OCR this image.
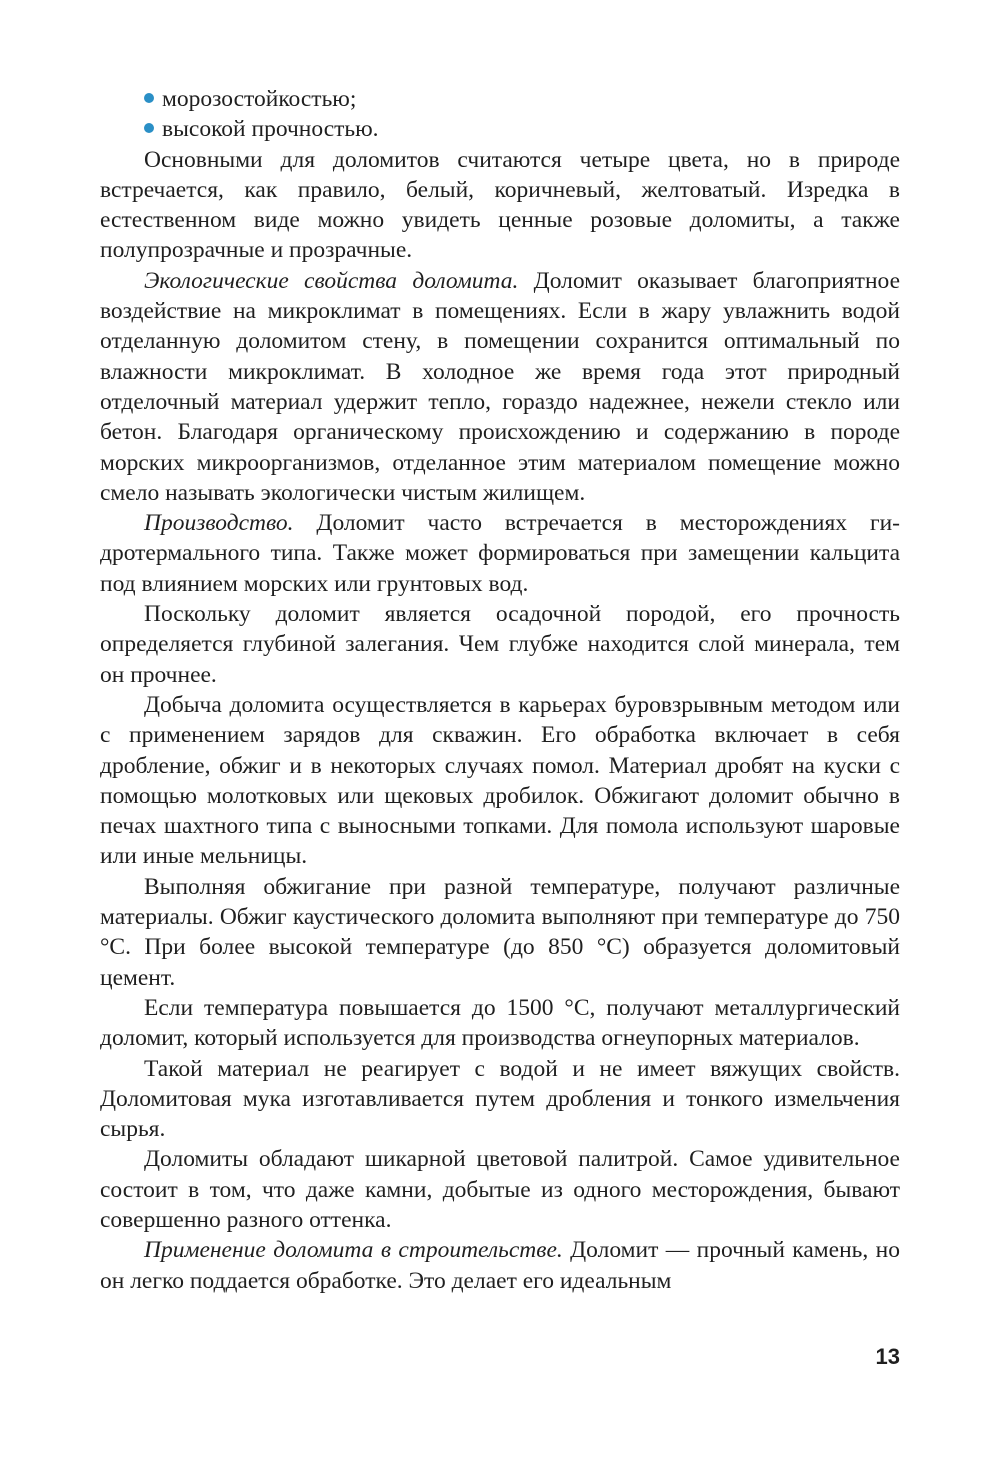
морозостойкостью;
высокой прочностью.

Основными для доломитов считаются четыре цвета, но в природе встречается, как правило, белый, коричневый, желтоватый. Изредка в естественном виде можно увидеть ценные розовые доломиты, а также полупрозрачные и прозрачные.

Экологические свойства доломита. Доломит оказывает благоприятное воздействие на микроклимат в помещениях. Если в жару увлажнить водой отделанную доломитом стену, в помещении сохранится оптимальный по влажности микроклимат. В холодное же время года этот природный отделочный материал удержит тепло, гораздо надежнее, нежели стекло или бетон. Благодаря органическому происхождению и содержанию в породе морских микроорганизмов, отделанное этим материалом помещение можно смело называть экологически чистым жилищем.

Производство. Доломит часто встречается в месторождениях гидротермального типа. Также может формироваться при замещении кальцита под влиянием морских или грунтовых вод.

Поскольку доломит является осадочной породой, его прочность определяется глубиной залегания. Чем глубже находится слой минерала, тем он прочнее.

Добыча доломита осуществляется в карьерах буровзрывным методом или с применением зарядов для скважин. Его обработка включает в себя дробление, обжиг и в некоторых случаях помол. Материал дробят на куски с помощью молотковых или щековых дробилок. Обжигают доломит обычно в печах шахтного типа с выносными топками. Для помола используют шаровые или иные мельницы.

Выполняя обжигание при разной температуре, получают различные материалы. Обжиг каустического доломита выполняют при температуре до 750 °С. При более высокой температуре (до 850 °С) образуется доломитовый цемент.

Если температура повышается до 1500 °С, получают металлургический доломит, который используется для производства огнеупорных материалов.

Такой материал не реагирует с водой и не имеет вяжущих свойств. Доломитовая мука изготавливается путем дробления и тонкого измельчения сырья.

Доломиты обладают шикарной цветовой палитрой. Самое удивительное состоит в том, что даже камни, добытые из одного месторождения, бывают совершенно разного оттенка.

Применение доломита в строительстве. Доломит — прочный камень, но он легко поддается обработке. Это делает его идеальным

13
